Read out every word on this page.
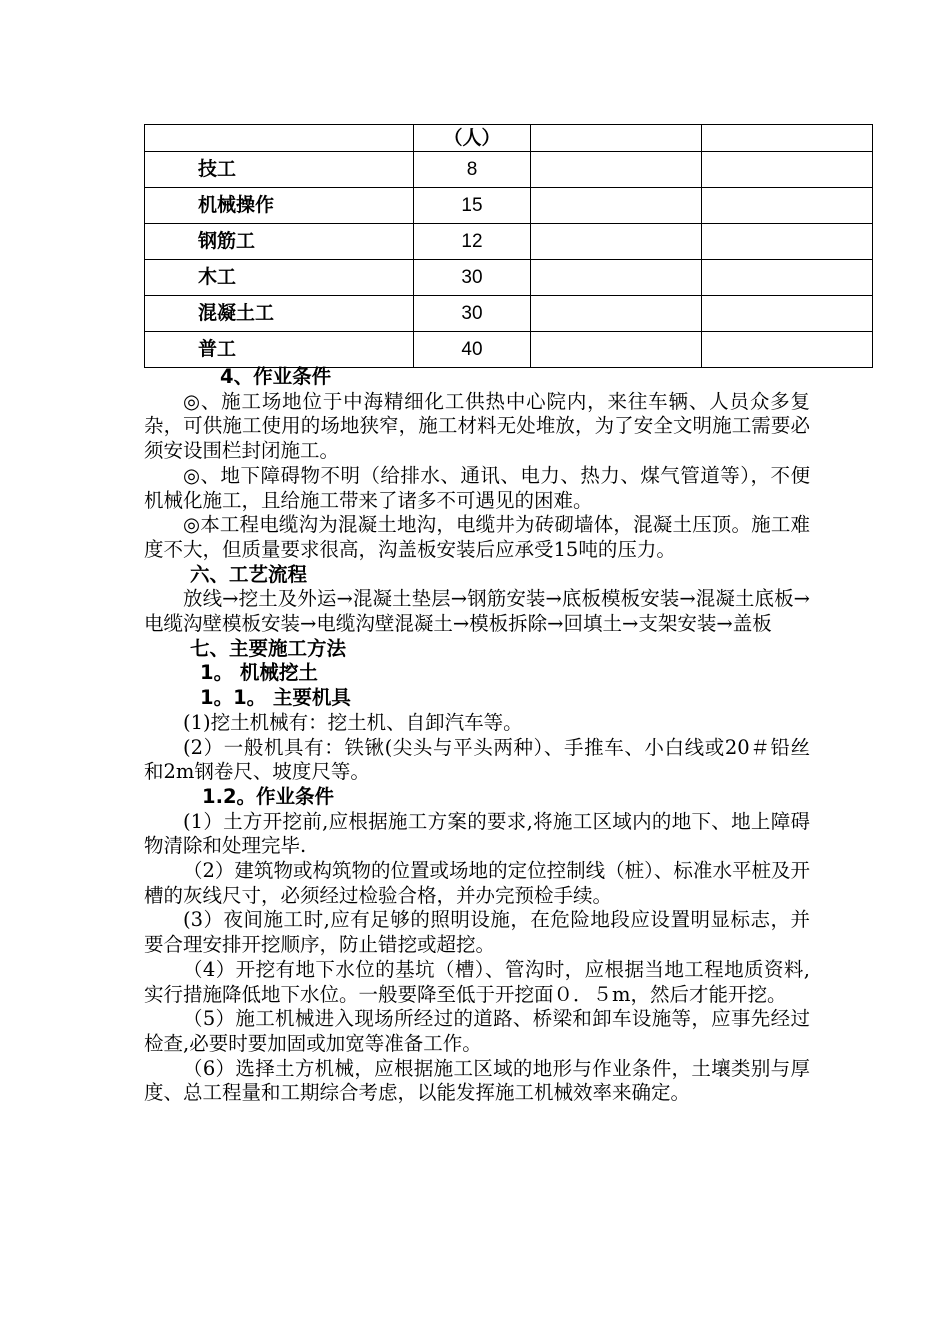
	（人）		
技工	8		
机械操作	15		
钢筋工	12		
木工	30		
混凝土工	30		
普工	40		

4、作业条件

◎、施工场地位于中海精细化工供热中心院内，来往车辆、人员众多复杂，可供施工使用的场地狭窄，施工材料无处堆放，为了安全文明施工需要必须安设围栏封闭施工。

◎、地下障碍物不明（给排水、通讯、电力、热力、煤气管道等），不便机械化施工，且给施工带来了诸多不可遇见的困难。

◎本工程电缆沟为混凝土地沟，电缆井为砖砌墙体，混凝土压顶。施工难度不大，但质量要求很高，沟盖板安装后应承受15吨的压力。

六、工艺流程

放线→挖土及外运→混凝土垫层→钢筋安装→底板模板安装→混凝土底板→电缆沟壁模板安装→电缆沟壁混凝土→模板拆除→回填土→支架安装→盖板

七、主要施工方法

1。 机械挖土

1。1。 主要机具

(1)挖土机械有：挖土机、自卸汽车等。

(2）一般机具有：铁锹(尖头与平头两种）、手推车、小白线或20＃铅丝和2m钢卷尺、坡度尺等。

1.2。作业条件

(1）土方开挖前,应根据施工方案的要求,将施工区域内的地下、地上障碍物清除和处理完毕.

（2）建筑物或构筑物的位置或场地的定位控制线（桩）、标准水平桩及开槽的灰线尺寸，必须经过检验合格，并办完预检手续。

(3）夜间施工时,应有足够的照明设施，在危险地段应设置明显标志，并要合理安排开挖顺序，防止错挖或超挖。

（4）开挖有地下水位的基坑（槽）、管沟时，应根据当地工程地质资料,实行措施降低地下水位。一般要降至低于开挖面０．５m，然后才能开挖。

（5）施工机械进入现场所经过的道路、桥梁和卸车设施等，应事先经过检查,必要时要加固或加宽等准备工作。

（6）选择土方机械，应根据施工区域的地形与作业条件，土壤类别与厚度、总工程量和工期综合考虑，以能发挥施工机械效率来确定。
